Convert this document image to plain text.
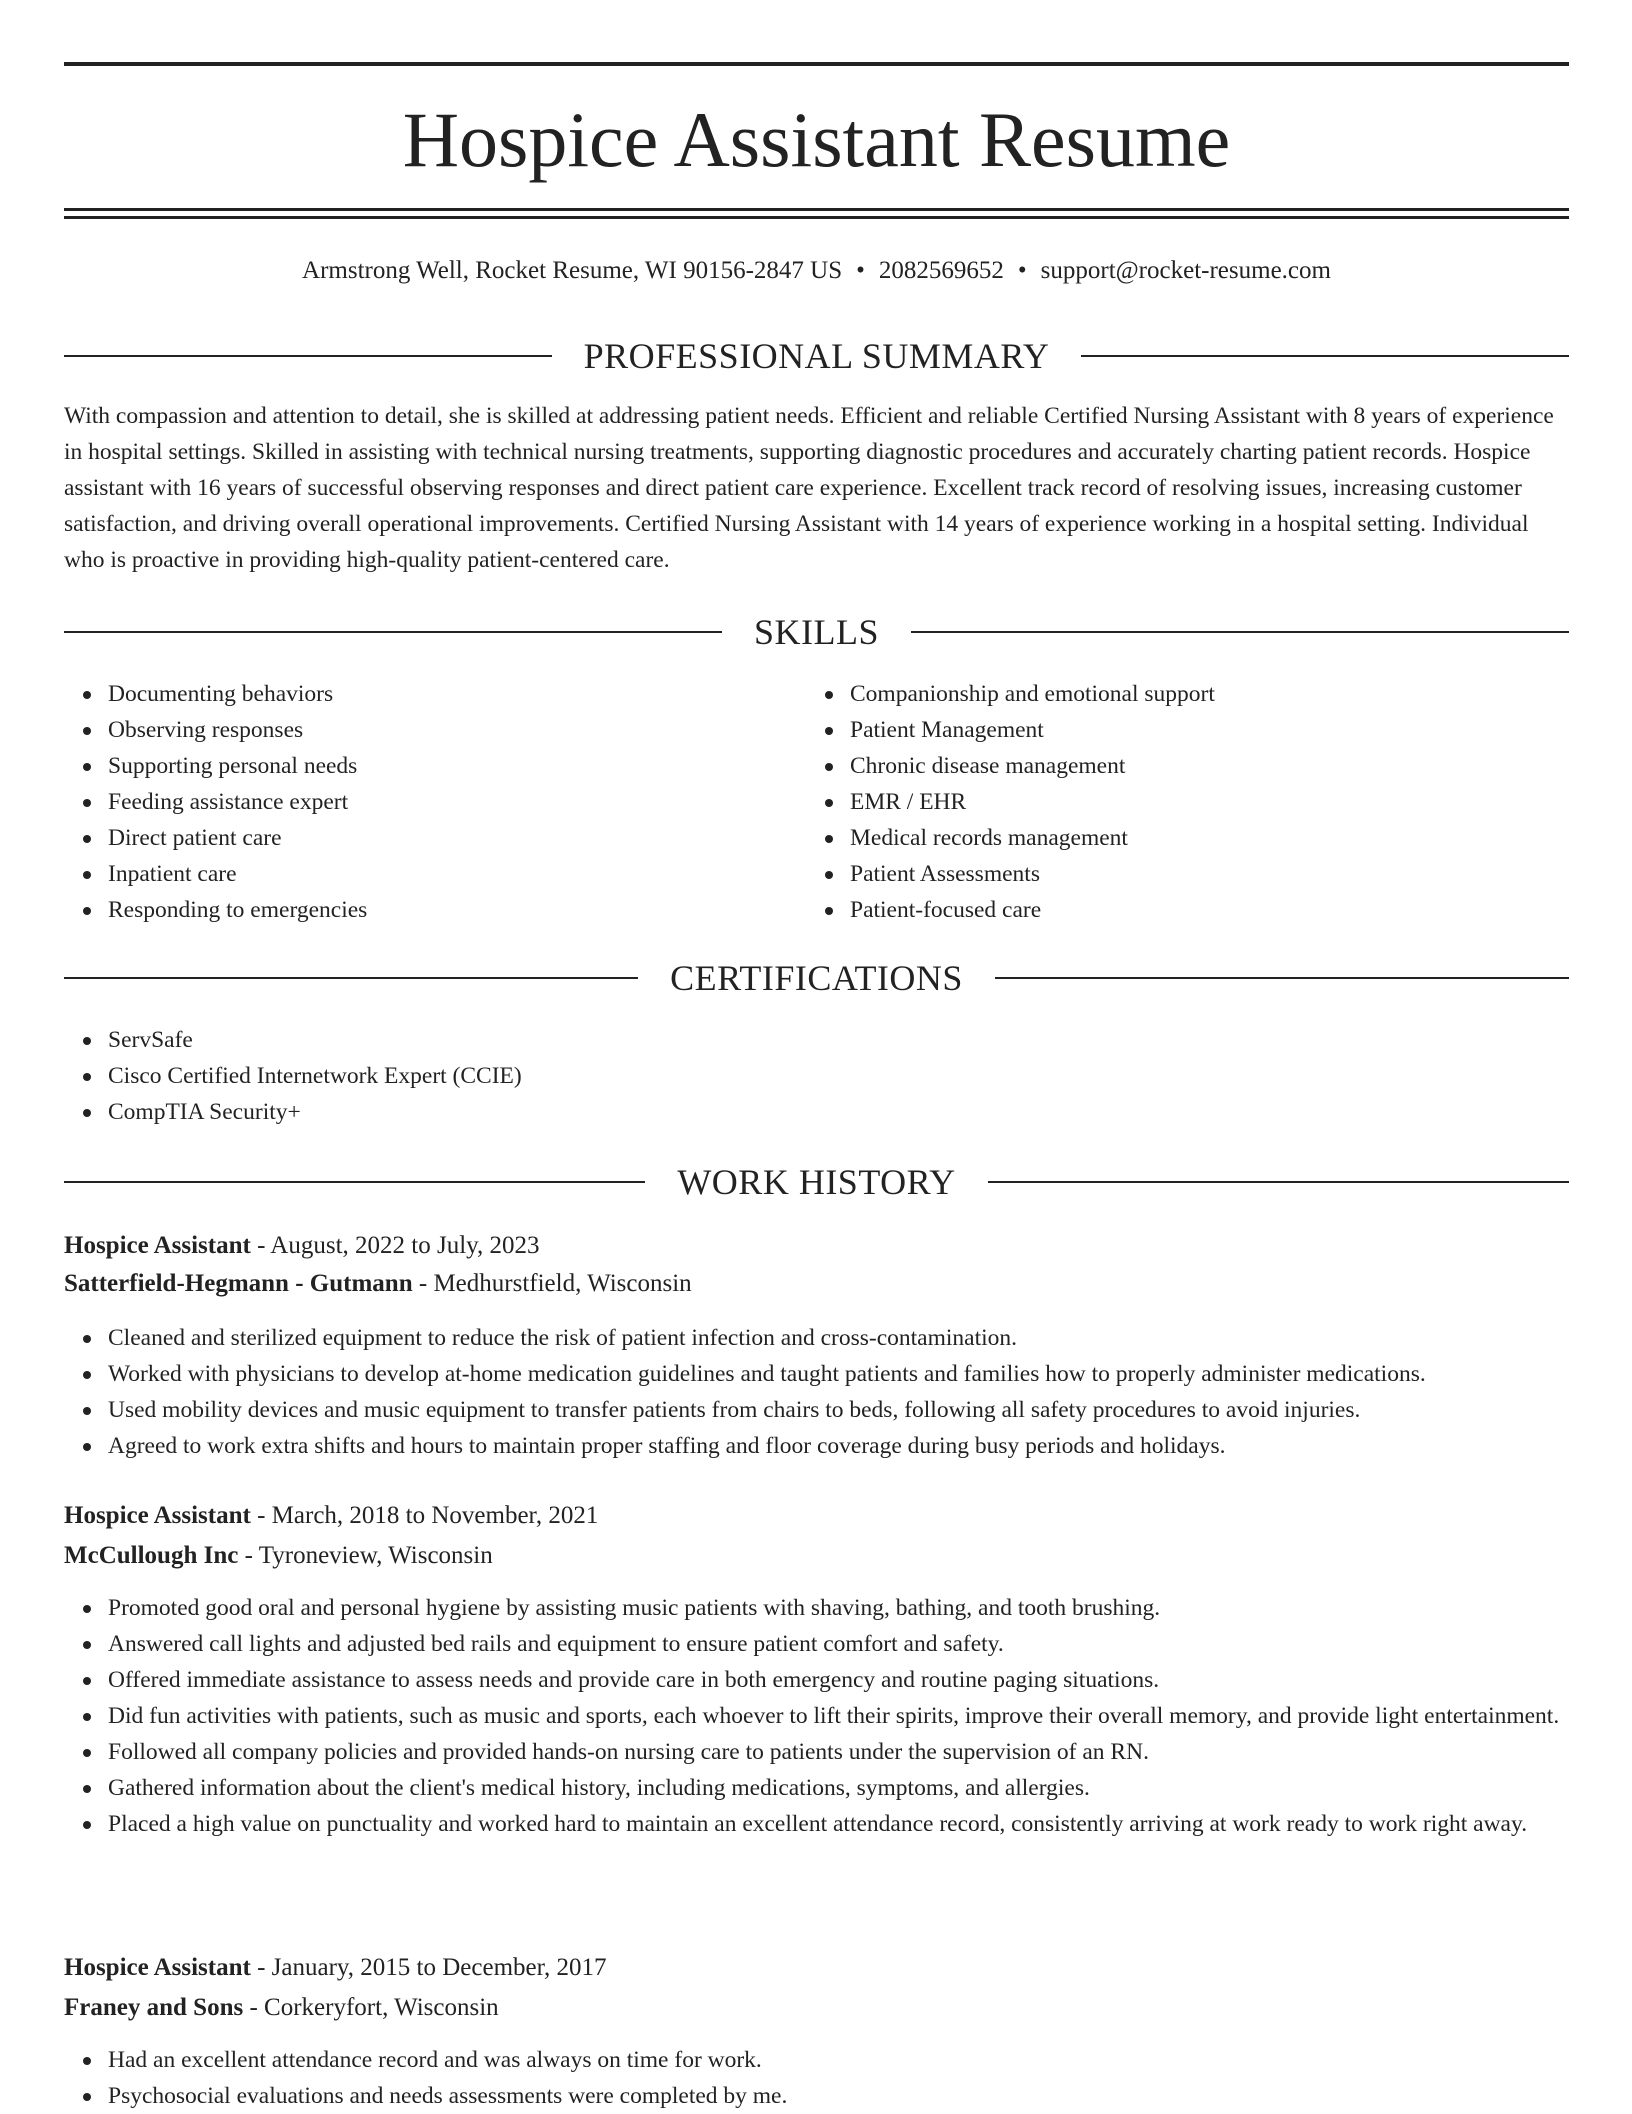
Hospice Assistant Resume
Armstrong Well, Rocket Resume, WI 90156-2847 US • 2082569652 • support@rocket-resume.com
PROFESSIONAL SUMMARY
With compassion and attention to detail, she is skilled at addressing patient needs. Efficient and reliable Certified Nursing Assistant with 8 years of experience in hospital settings. Skilled in assisting with technical nursing treatments, supporting diagnostic procedures and accurately charting patient records. Hospice assistant with 16 years of successful observing responses and direct patient care experience. Excellent track record of resolving issues, increasing customer satisfaction, and driving overall operational improvements. Certified Nursing Assistant with 14 years of experience working in a hospital setting. Individual who is proactive in providing high-quality patient-centered care.
SKILLS
Documenting behaviors
Observing responses
Supporting personal needs
Feeding assistance expert
Direct patient care
Inpatient care
Responding to emergencies
Companionship and emotional support
Patient Management
Chronic disease management
EMR / EHR
Medical records management
Patient Assessments
Patient-focused care
CERTIFICATIONS
ServSafe
Cisco Certified Internetwork Expert (CCIE)
CompTIA Security+
WORK HISTORY
Hospice Assistant - August, 2022 to July, 2023
Satterfield-Hegmann - Gutmann - Medhurstfield, Wisconsin
Cleaned and sterilized equipment to reduce the risk of patient infection and cross-contamination.
Worked with physicians to develop at-home medication guidelines and taught patients and families how to properly administer medications.
Used mobility devices and music equipment to transfer patients from chairs to beds, following all safety procedures to avoid injuries.
Agreed to work extra shifts and hours to maintain proper staffing and floor coverage during busy periods and holidays.
Hospice Assistant - March, 2018 to November, 2021
McCullough Inc - Tyroneview, Wisconsin
Promoted good oral and personal hygiene by assisting music patients with shaving, bathing, and tooth brushing.
Answered call lights and adjusted bed rails and equipment to ensure patient comfort and safety.
Offered immediate assistance to assess needs and provide care in both emergency and routine paging situations.
Did fun activities with patients, such as music and sports, each whoever to lift their spirits, improve their overall memory, and provide light entertainment.
Followed all company policies and provided hands-on nursing care to patients under the supervision of an RN.
Gathered information about the client's medical history, including medications, symptoms, and allergies.
Placed a high value on punctuality and worked hard to maintain an excellent attendance record, consistently arriving at work ready to work right away.
Hospice Assistant - January, 2015 to December, 2017
Franey and Sons - Corkeryfort, Wisconsin
Had an excellent attendance record and was always on time for work.
Psychosocial evaluations and needs assessments were completed by me.
